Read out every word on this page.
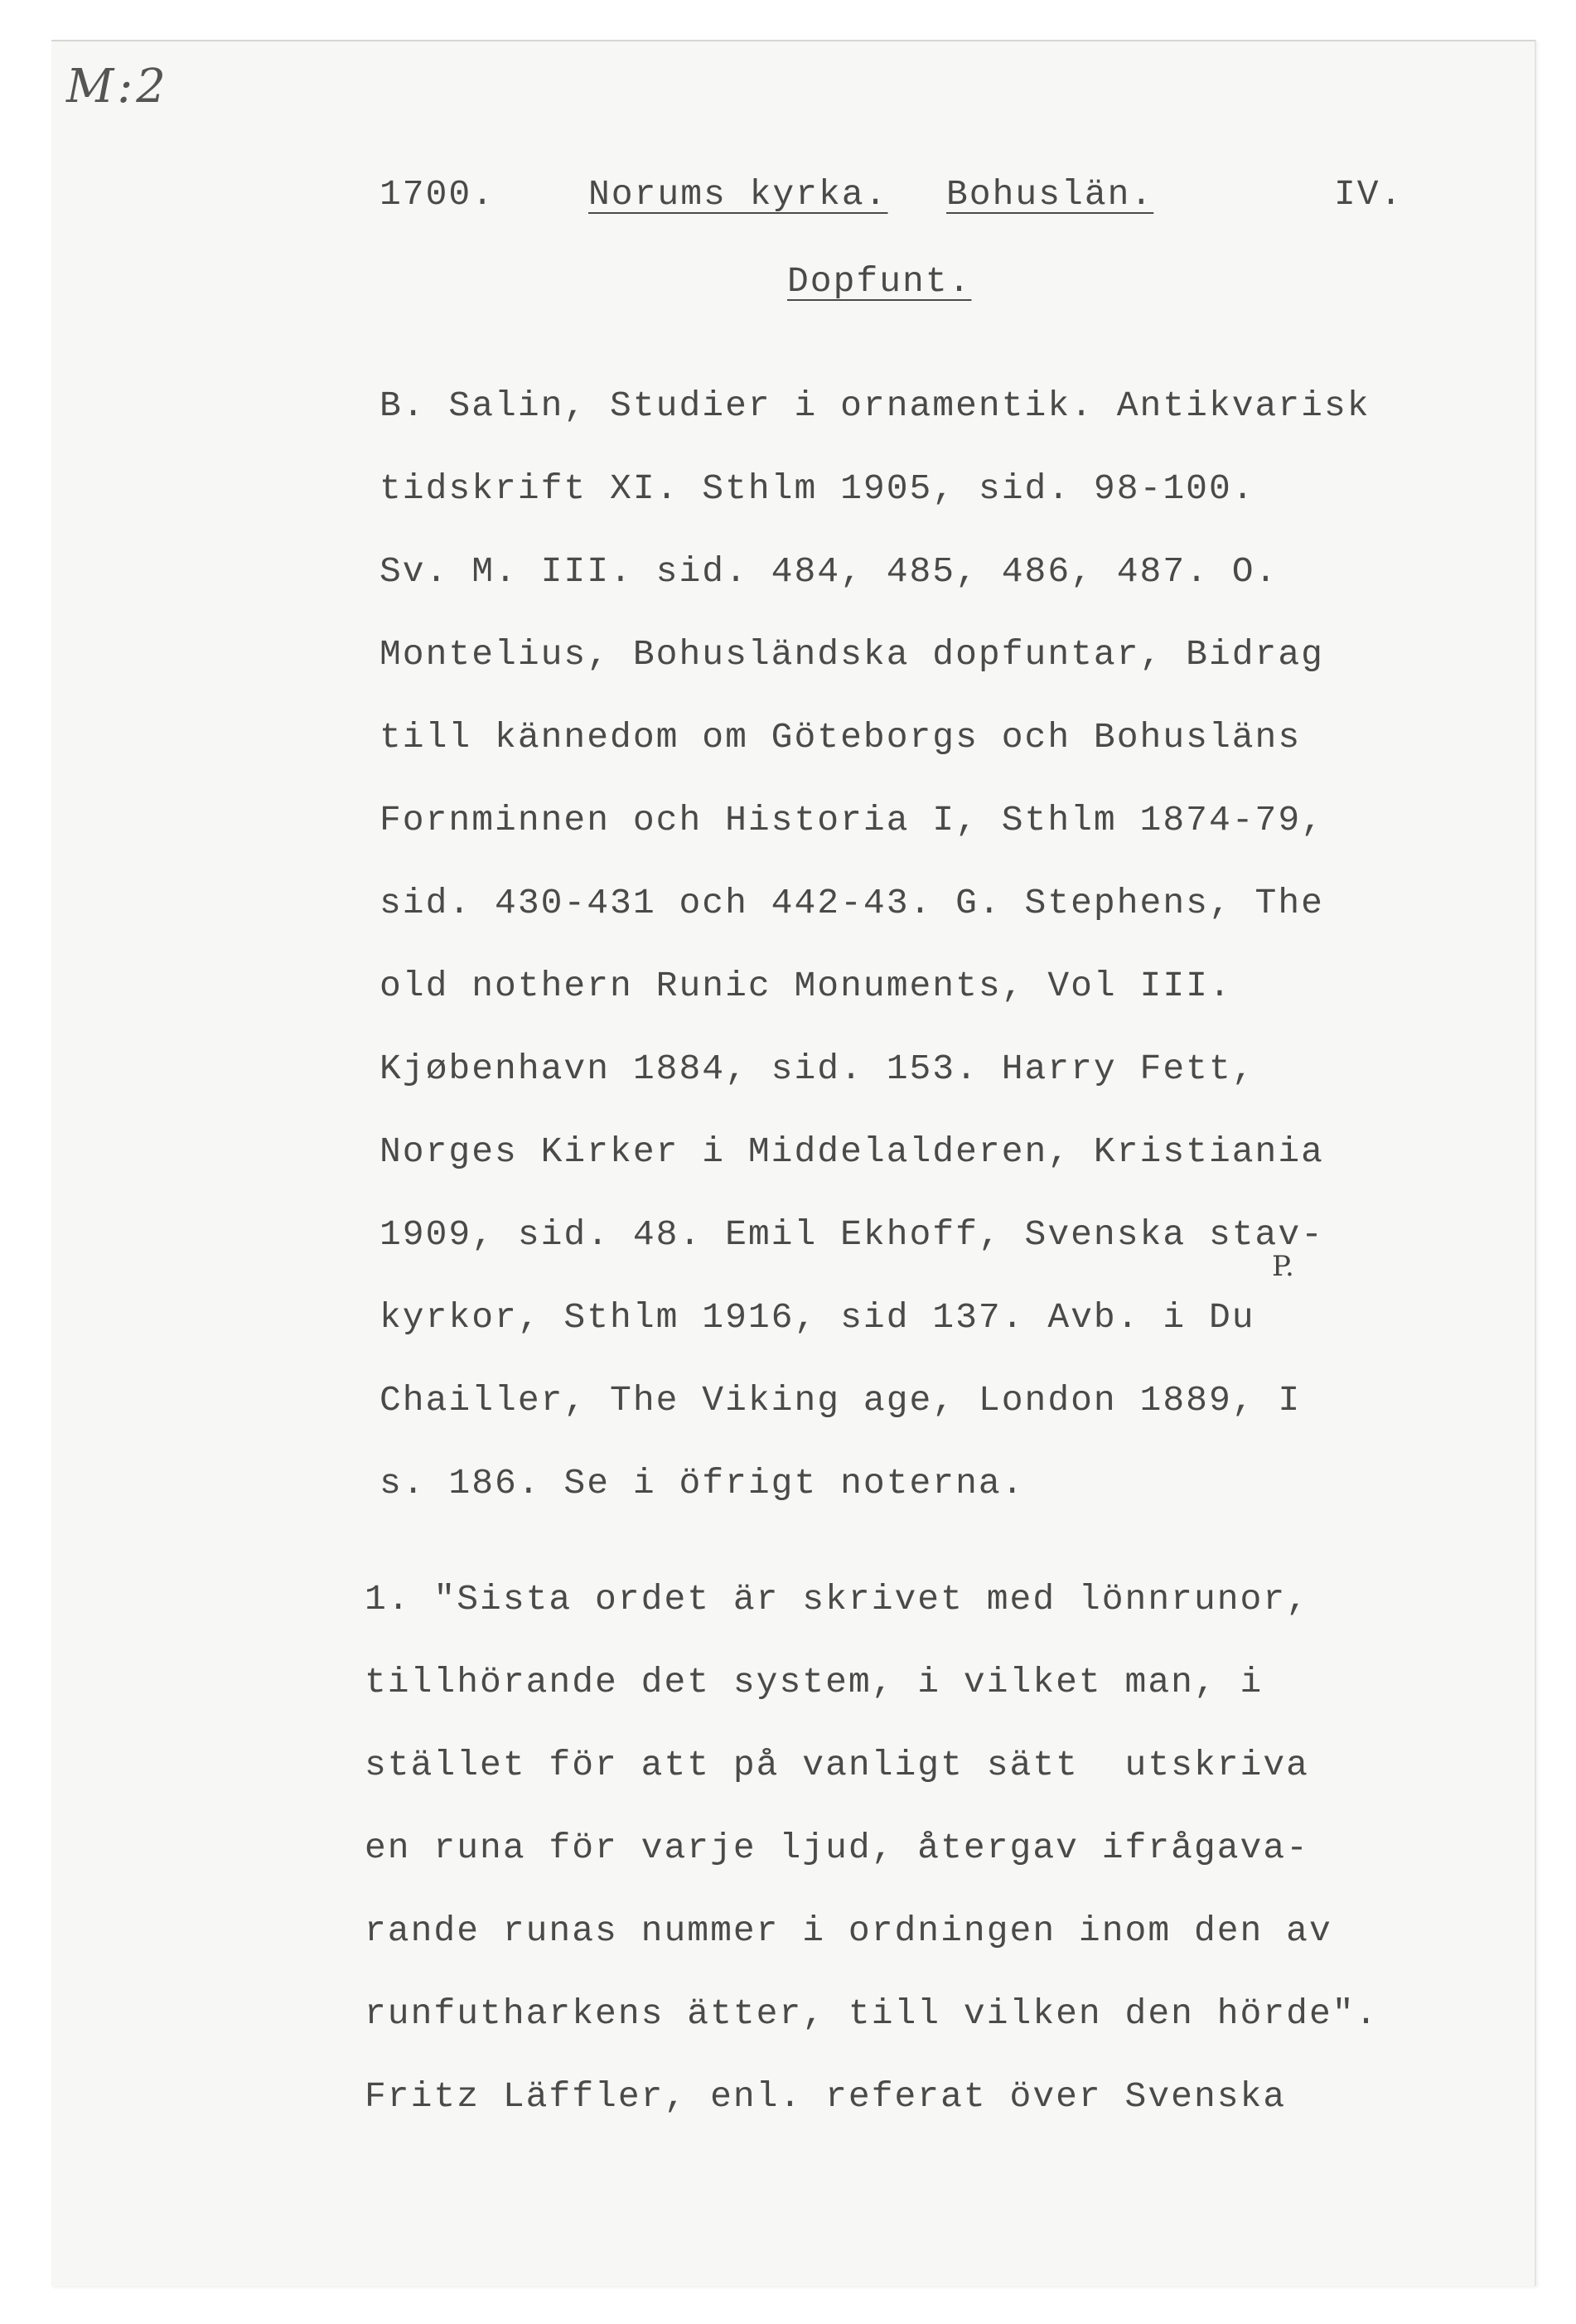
M:2
1700.	Norums kyrka. Bohuslän.	IV.
Dopfunt.
P.
B. Salin, Studier i ornamentik. Antikvarisk
tidskrift XI. Sthlm 1905, sid. 98-100.
Sv. M. III. sid. 484, 485, 486, 487. O.
Montelius, Bohusländska dopfuntar, Bidrag
till kännedom om Göteborgs och Bohusläns
Fornminnen och Historia I, Sthlm 1874-79,
sid. 430-431 och 442-43. G. Stephens, The
old nothern Runic Monuments, Vol III.
Kjøbenhavn 1884, sid. 153. Harry Fett,
Norges Kirker i Middelalderen, Kristiania
1909, sid. 48. Emil Ekhoff, Svenska stav-
kyrkor, Sthlm 1916, sid 137. Avb. i Du
Chailler, The Viking age, London 1889, I
s. 186. Se i öfrigt noterna.
1. "Sista ordet är skrivet med lönnrunor,
tillhörande det system, i vilket man, i
stället för att på vanligt sätt  utskriva
en runa för varje ljud, återgav ifrågava-
rande runas nummer i ordningen inom den av
runfutharkens ätter, till vilken den hörde".
Fritz Läffler, enl. referat över Svenska
